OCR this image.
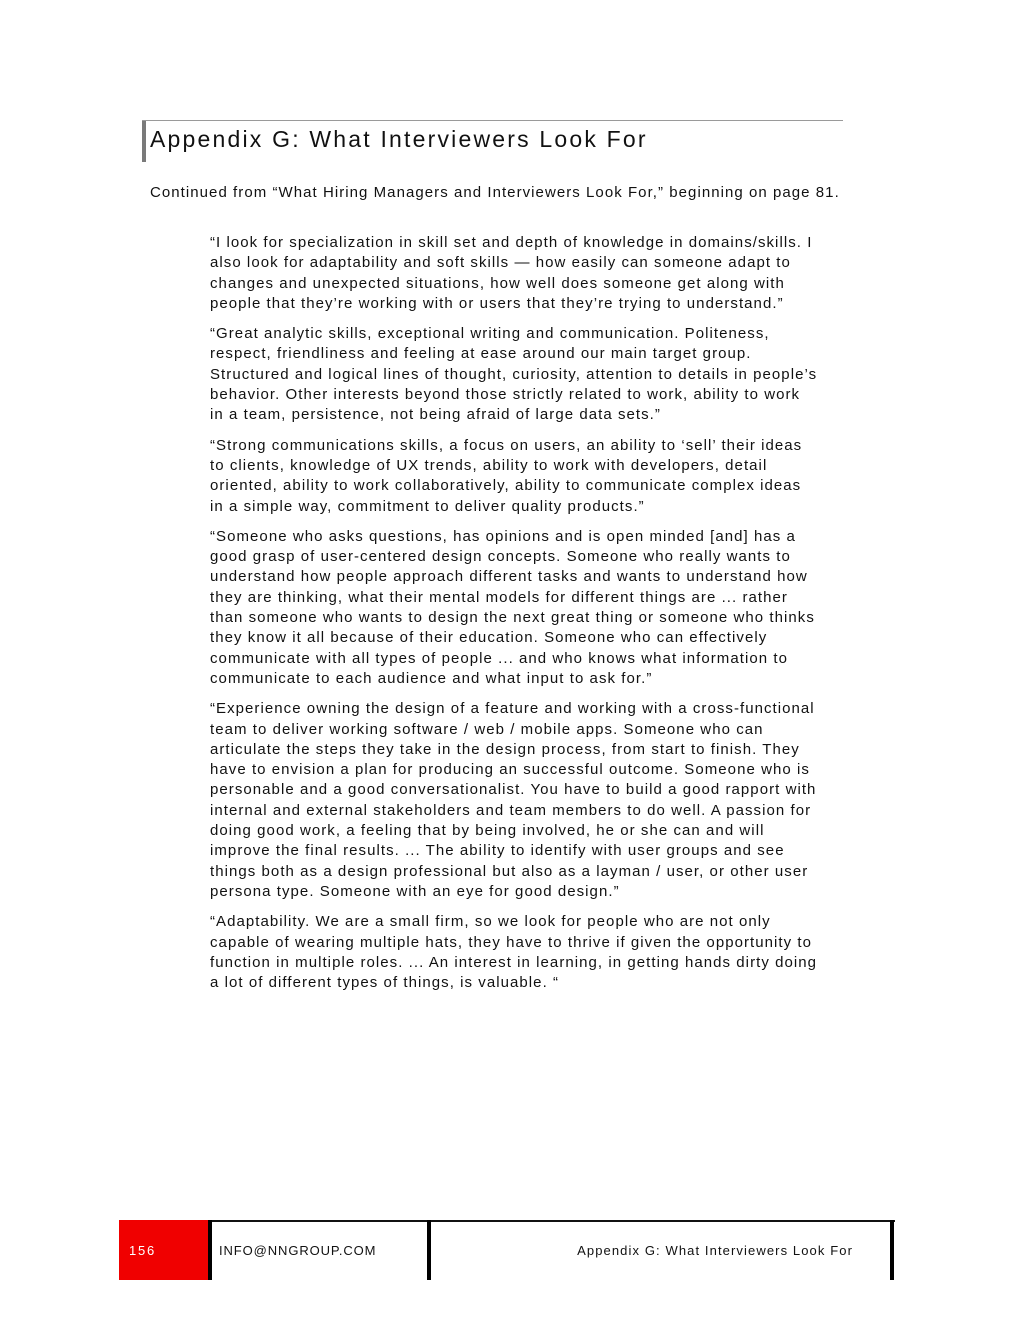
Appendix G: What Interviewers Look For

Continued from “What Hiring Managers and Interviewers Look For,” beginning on page 81.

“I look for specialization in skill set and depth of knowledge in domains/skills. I also look for adaptability and soft skills — how easily can someone adapt to changes and unexpected situations, how well does someone get along with people that they’re working with or users that they’re trying to understand.”

“Great analytic skills, exceptional writing and communication. Politeness, respect, friendliness and feeling at ease around our main target group. Structured and logical lines of thought, curiosity, attention to details in people’s behavior. Other interests beyond those strictly related to work, ability to work in a team, persistence, not being afraid of large data sets.”

“Strong communications skills, a focus on users, an ability to ‘sell’ their ideas to clients, knowledge of UX trends, ability to work with developers, detail oriented, ability to work collaboratively, ability to communicate complex ideas in a simple way, commitment to deliver quality products.”

“Someone who asks questions, has opinions and is open minded [and] has a good grasp of user-centered design concepts. Someone who really wants to understand how people approach different tasks and wants to understand how they are thinking, what their mental models for different things are ... rather than someone who wants to design the next great thing or someone who thinks they know it all because of their education. Someone who can effectively communicate with all types of people ... and who knows what information to communicate to each audience and what input to ask for.”

“Experience owning the design of a feature and working with a cross-functional team to deliver working software / web / mobile apps. Someone who can articulate the steps they take in the design process, from start to finish. They have to envision a plan for producing an successful outcome. Someone who is personable and a good conversationalist. You have to build a good rapport with internal and external stakeholders and team members to do well. A passion for doing good work, a feeling that by being involved, he or she can and will improve the final results. ... The ability to identify with user groups and see things both as a design professional but also as a layman / user, or other user persona type. Someone with an eye for good design.”

“Adaptability. We are a small firm, so we look for people who are not only capable of wearing multiple hats, they have to thrive if given the opportunity to function in multiple roles. ... An interest in learning, in getting hands dirty doing a lot of different types of things, is valuable. “

156	INFO@NNGROUP.COM	Appendix G: What Interviewers Look For
